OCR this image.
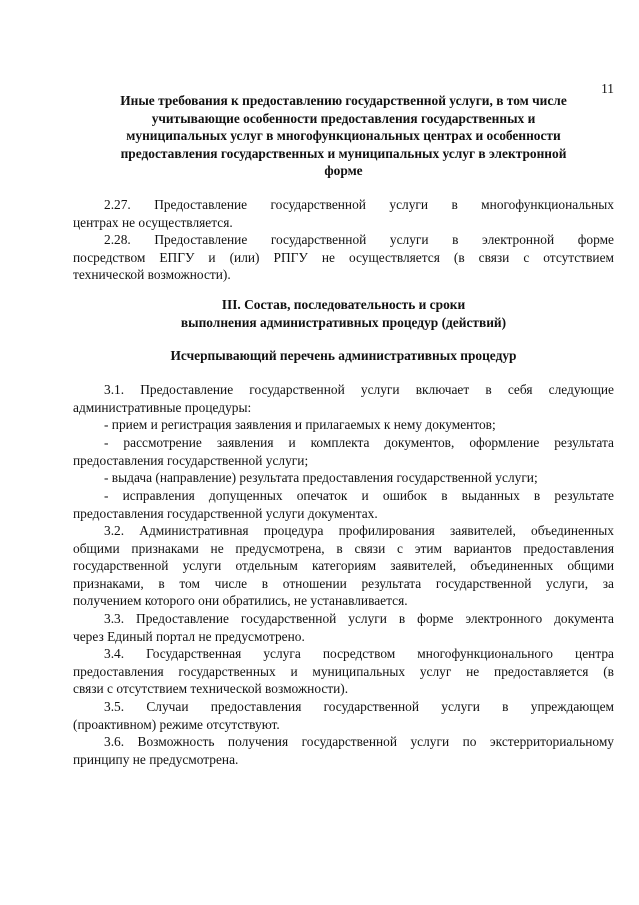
11
Иные требования к предоставлению государственной услуги, в том числе
учитывающие особенности предоставления государственных и
муниципальных услуг в многофункциональных центрах и особенности
предоставления государственных и муниципальных услуг в электронной
форме
2.27. Предоставление государственной услуги в многофункциональных
центрах не осуществляется.
2.28. Предоставление государственной услуги в электронной форме
посредством ЕПГУ и (или) РПГУ не осуществляется (в связи с отсутствием
технической возможности).
III. Состав, последовательность и сроки
выполнения административных процедур (действий)
Исчерпывающий перечень административных процедур
3.1. Предоставление государственной услуги включает в себя следующие
административные процедуры:
- прием и регистрация заявления и прилагаемых к нему документов;
- рассмотрение заявления и комплекта документов, оформление результата
предоставления государственной услуги;
- выдача (направление) результата предоставления государственной услуги;
- исправления допущенных опечаток и ошибок в выданных в результате
предоставления государственной услуги документах.
3.2. Административная процедура профилирования заявителей, объединенных
общими признаками не предусмотрена, в связи с этим вариантов предоставления
государственной услуги отдельным категориям заявителей, объединенных общими
признаками, в том числе в отношении результата государственной услуги, за
получением которого они обратились, не устанавливается.
3.3. Предоставление государственной услуги в форме электронного документа
через Единый портал не предусмотрено.
3.4. Государственная услуга посредством многофункционального центра
предоставления государственных и муниципальных услуг не предоставляется (в
связи с отсутствием технической возможности).
3.5. Случаи предоставления государственной услуги в упреждающем
(проактивном) режиме отсутствуют.
3.6. Возможность получения государственной услуги по экстерриториальному
принципу не предусмотрена.
